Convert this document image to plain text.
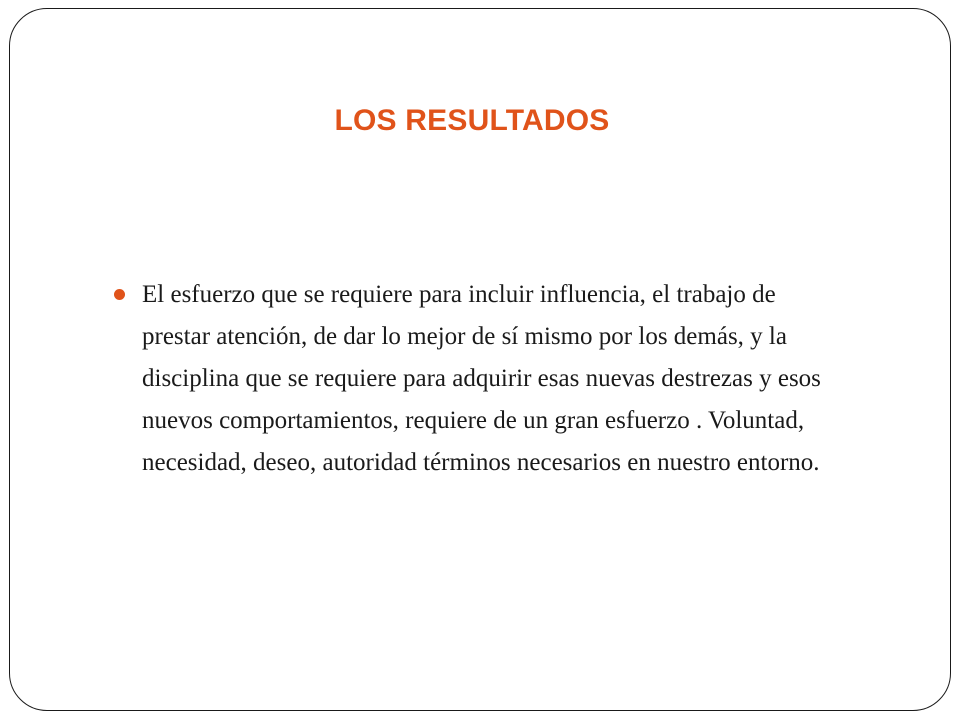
LOS RESULTADOS

El esfuerzo que se requiere para incluir influencia, el trabajo de prestar atención, de dar lo mejor de sí mismo por los demás, y la disciplina que se requiere para adquirir esas nuevas destrezas y esos nuevos comportamientos, requiere de un gran esfuerzo . Voluntad, necesidad, deseo, autoridad términos necesarios en nuestro entorno.
